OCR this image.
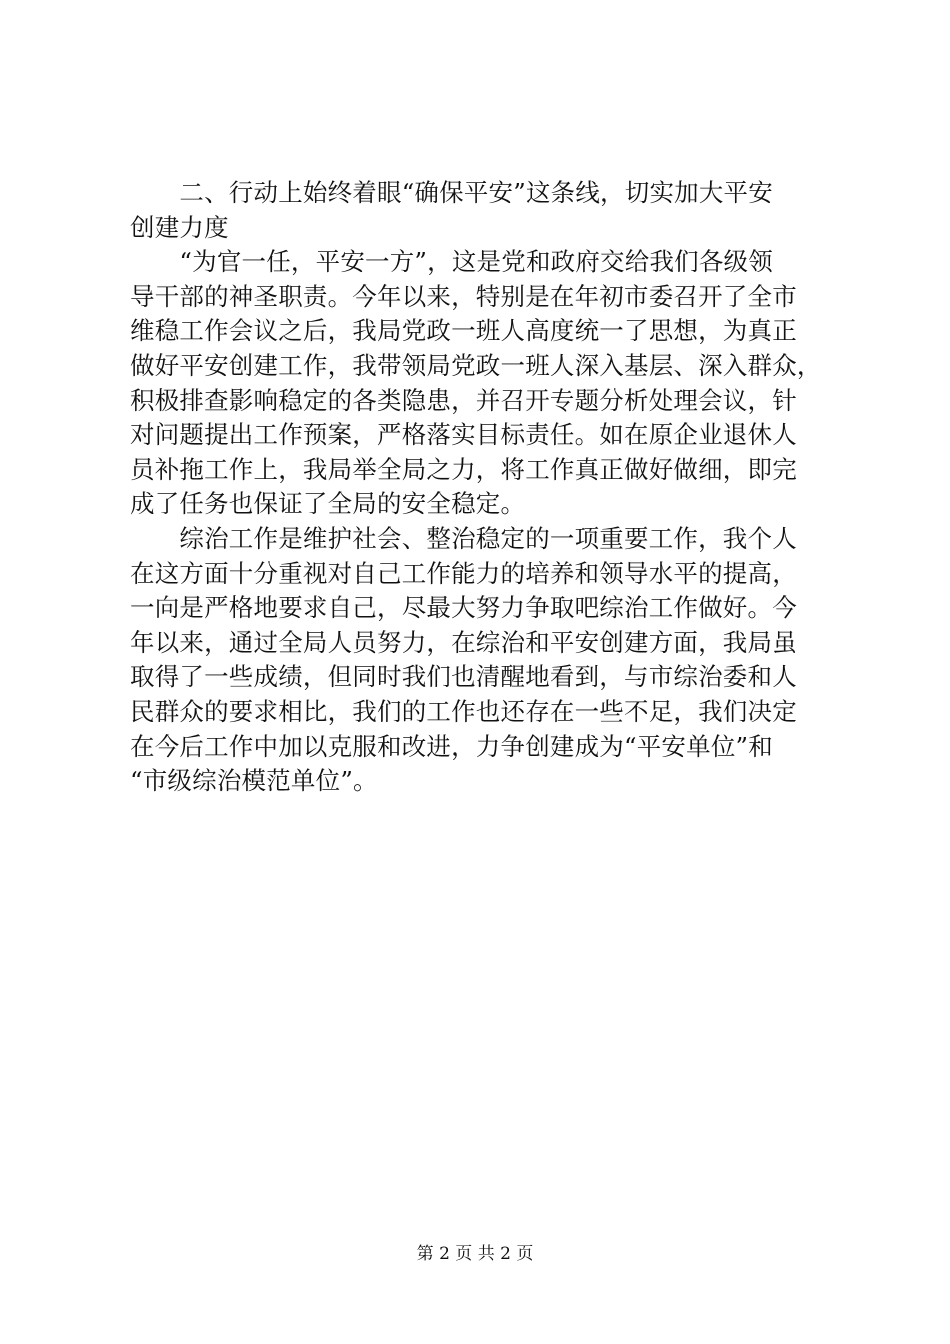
　　二、行动上始终着眼“确保平安”这条线，切实加大平安
创建力度
　　“为官一任，平安一方”，这是党和政府交给我们各级领
导干部的神圣职责。今年以来，特别是在年初市委召开了全市
维稳工作会议之后，我局党政一班人高度统一了思想，为真正
做好平安创建工作，我带领局党政一班人深入基层、深入群众，
积极排查影响稳定的各类隐患，并召开专题分析处理会议，针
对问题提出工作预案，严格落实目标责任。如在原企业退休人
员补拖工作上，我局举全局之力，将工作真正做好做细，即完
成了任务也保证了全局的安全稳定。
　　综治工作是维护社会、整治稳定的一项重要工作，我个人
在这方面十分重视对自己工作能力的培养和领导水平的提高，
一向是严格地要求自己，尽最大努力争取吧综治工作做好。今
年以来，通过全局人员努力，在综治和平安创建方面，我局虽
取得了一些成绩，但同时我们也清醒地看到，与市综治委和人
民群众的要求相比，我们的工作也还存在一些不足，我们决定
在今后工作中加以克服和改进，力争创建成为“平安单位”和
“市级综治模范单位”。
第 2 页 共 2 页
